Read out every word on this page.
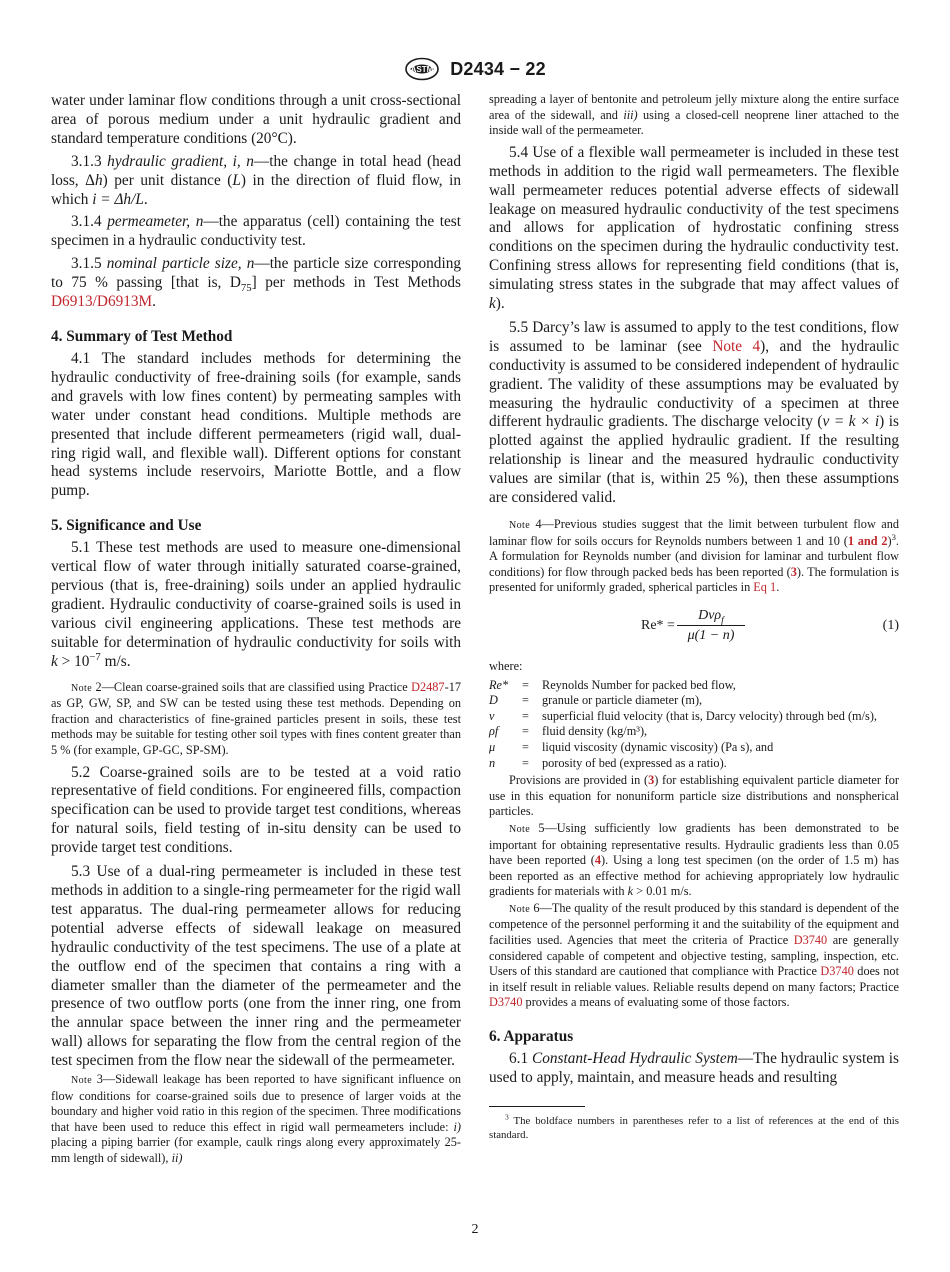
ASTM D2434 − 22

water under laminar flow conditions through a unit cross-sectional area of porous medium under a unit hydraulic gradient and standard temperature conditions (20°C).

3.1.3 hydraulic gradient, i, n—the change in total head (head loss, Δh) per unit distance (L) in the direction of fluid flow, in which i = Δh/L.

3.1.4 permeameter, n—the apparatus (cell) containing the test specimen in a hydraulic conductivity test.

3.1.5 nominal particle size, n—the particle size corresponding to 75 % passing [that is, $D_{75}$] per methods in Test Methods D6913/D6913M.

4. Summary of Test Method

4.1 The standard includes methods for determining the hydraulic conductivity of free-draining soils (for example, sands and gravels with low fines content) by permeating samples with water under constant head conditions. Multiple methods are presented that include different permeameters (rigid wall, dual-ring rigid wall, and flexible wall). Different options for constant head systems include reservoirs, Mariotte Bottle, and a flow pump.

5. Significance and Use

5.1 These test methods are used to measure one-dimensional vertical flow of water through initially saturated coarse-grained, pervious (that is, free-draining) soils under an applied hydraulic gradient. Hydraulic conductivity of coarse-grained soils is used in various civil engineering applications. These test methods are suitable for determination of hydraulic conductivity for soils with $k > 10^{-7}$ m/s.

Note 2—Clean coarse-grained soils that are classified using Practice D2487-17 as GP, GW, SP, and SW can be tested using these test methods. Depending on fraction and characteristics of fine-grained particles present in soils, these test methods may be suitable for testing other soil types with fines content greater than 5 % (for example, GP-GC, SP-SM).

5.2 Coarse-grained soils are to be tested at a void ratio representative of field conditions. For engineered fills, compaction specification can be used to provide target test conditions, whereas for natural soils, field testing of in-situ density can be used to provide target test conditions.

5.3 Use of a dual-ring permeameter is included in these test methods in addition to a single-ring permeameter for the rigid wall test apparatus. The dual-ring permeameter allows for reducing potential adverse effects of sidewall leakage on measured hydraulic conductivity of the test specimens. The use of a plate at the outflow end of the specimen that contains a ring with a diameter smaller than the diameter of the permeameter and the presence of two outflow ports (one from the inner ring, one from the annular space between the inner ring and the permeameter wall) allows for separating the flow from the central region of the test specimen from the flow near the sidewall of the permeameter.

Note 3—Sidewall leakage has been reported to have significant influence on flow conditions for coarse-grained soils due to presence of larger voids at the boundary and higher void ratio in this region of the specimen. Three modifications that have been used to reduce this effect in rigid wall permeameters include: i) placing a piping barrier (for example, caulk rings along every approximately 25-mm length of sidewall), ii)

spreading a layer of bentonite and petroleum jelly mixture along the entire surface area of the sidewall, and iii) using a closed-cell neoprene liner attached to the inside wall of the permeameter.

5.4 Use of a flexible wall permeameter is included in these test methods in addition to the rigid wall permeameters. The flexible wall permeameter reduces potential adverse effects of sidewall leakage on measured hydraulic conductivity of the test specimens and allows for application of hydrostatic confining stress conditions on the specimen during the hydraulic conductivity test. Confining stress allows for representing field conditions (that is, simulating stress states in the subgrade that may affect values of k).

5.5 Darcy’s law is assumed to apply to the test conditions, flow is assumed to be laminar (see Note 4), and the hydraulic conductivity is assumed to be considered independent of hydraulic gradient. The validity of these assumptions may be evaluated by measuring the hydraulic conductivity of a specimen at three different hydraulic gradients. The discharge velocity (v = k × i) is plotted against the applied hydraulic gradient. If the resulting relationship is linear and the measured hydraulic conductivity values are similar (that is, within 25 %), then these assumptions are considered valid.

Note 4—Previous studies suggest that the limit between turbulent flow and laminar flow for soils occurs for Reynolds numbers between 1 and 10 (1 and 2)$^3$. A formulation for Reynolds number (and division for laminar and turbulent flow conditions) for flow through packed beds has been reported (3). The formulation is presented for uniformly graded, spherical particles in Eq 1.

Re* =
Dvρ$_f$
μ(1 − n)
(1)

where:

Re*	=	Reynolds Number for packed bed flow,
D	=	granule or particle diameter (m),
v	=	superficial fluid velocity (that is, Darcy velocity) through bed (m/s),
ρf	=	fluid density (kg/m³),
μ	=	liquid viscosity (dynamic viscosity) (Pa s), and
n	=	porosity of bed (expressed as a ratio).

Provisions are provided in (3) for establishing equivalent particle diameter for use in this equation for nonuniform particle size distributions and nonspherical particles.

Note 5—Using sufficiently low gradients has been demonstrated to be important for obtaining representative results. Hydraulic gradients less than 0.05 have been reported (4). Using a long test specimen (on the order of 1.5 m) has been reported as an effective method for achieving appropriately low hydraulic gradients for materials with k > 0.01 m/s.

Note 6—The quality of the result produced by this standard is dependent of the competence of the personnel performing it and the suitability of the equipment and facilities used. Agencies that meet the criteria of Practice D3740 are generally considered capable of competent and objective testing, sampling, inspection, etc. Users of this standard are cautioned that compliance with Practice D3740 does not in itself result in reliable values. Reliable results depend on many factors; Practice D3740 provides a means of evaluating some of those factors.

6. Apparatus

6.1 Constant-Head Hydraulic System—The hydraulic system is used to apply, maintain, and measure heads and resulting

$^3$ The boldface numbers in parentheses refer to a list of references at the end of this standard.

2
